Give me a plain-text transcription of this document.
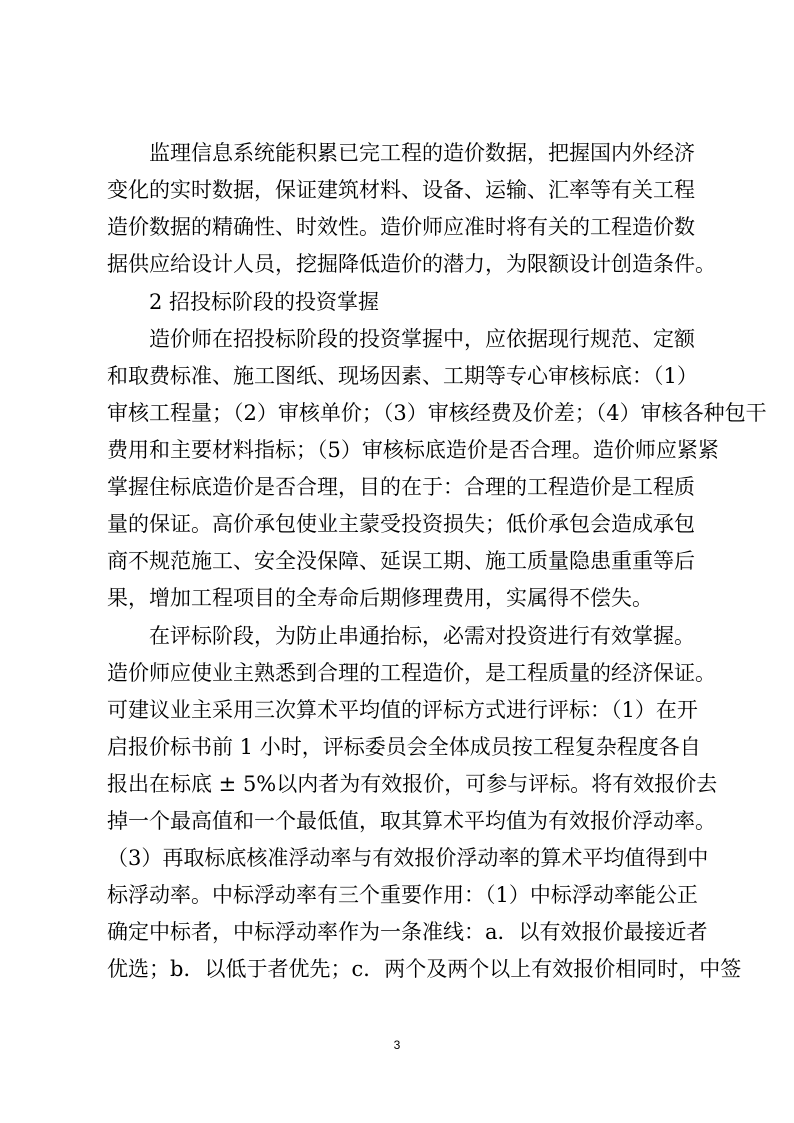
监理信息系统能积累已完工程的造价数据，把握国内外经济
变化的实时数据，保证建筑材料、设备、运输、汇率等有关工程
造价数据的精确性、时效性。造价师应准时将有关的工程造价数
据供应给设计人员，挖掘降低造价的潜力，为限额设计创造条件。
2 招投标阶段的投资掌握
造价师在招投标阶段的投资掌握中，应依据现行规范、定额
和取费标准、施工图纸、现场因素、工期等专心审核标底：（1）
审核工程量；（2）审核单价；（3）审核经费及价差；（4）审核各种包干
费用和主要材料指标；（5）审核标底造价是否合理。造价师应紧紧
掌握住标底造价是否合理，目的在于：合理的工程造价是工程质
量的保证。高价承包使业主蒙受投资损失；低价承包会造成承包
商不规范施工、安全没保障、延误工期、施工质量隐患重重等后
果，增加工程项目的全寿命后期修理费用，实属得不偿失。
在评标阶段，为防止串通抬标，必需对投资进行有效掌握。
造价师应使业主熟悉到合理的工程造价，是工程质量的经济保证。
可建议业主采用三次算术平均值的评标方式进行评标：（1）在开
启报价标书前 1 小时，评标委员会全体成员按工程复杂程度各自
报出在标底 ± 5%以内者为有效报价，可参与评标。将有效报价去
掉一个最高值和一个最低值，取其算术平均值为有效报价浮动率。
（3）再取标底核准浮动率与有效报价浮动率的算术平均值得到中
标浮动率。中标浮动率有三个重要作用：（1）中标浮动率能公正
确定中标者，中标浮动率作为一条准线：a．以有效报价最接近者
优选；b．以低于者优先；c．两个及两个以上有效报价相同时，中签
3
